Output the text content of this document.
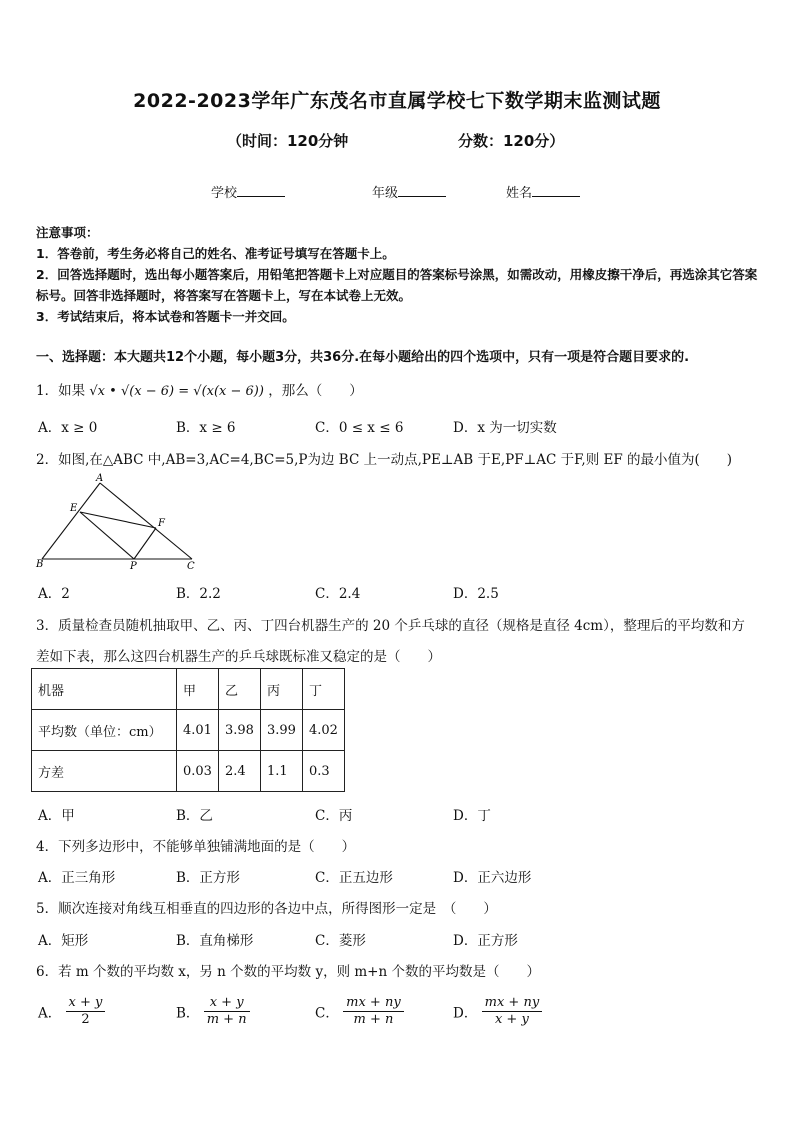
2022-2023学年广东茂名市直属学校七下数学期末监测试题
（时间：120分钟	分数：120分）
学校	年级	姓名
注意事项：
1．答卷前，考生务必将自己的姓名、准考证号填写在答题卡上。
2．回答选择题时，选出每小题答案后，用铅笔把答题卡上对应题目的答案标号涂黑，如需改动，用橡皮擦干净后，再选涂其它答案标号。回答非选择题时，将答案写在答题卡上，写在本试卷上无效。
3．考试结束后，将本试卷和答题卡一并交回。
一、选择题：本大题共12个小题，每小题3分，共36分.在每小题给出的四个选项中，只有一项是符合题目要求的.
1．如果 √x • √(x − 6) = √(x(x − 6)) ，那么（　　）
A．x ≥ 0	B．x ≥ 6	C．0 ≤ x ≤ 6	D．x 为一切实数
2．如图,在△ABC 中,AB=3,AC=4,BC=5,P为边 BC 上一动点,PE⊥AB 于E,PF⊥AC 于F,则 EF 的最小值为(　　)
A
E
F
B	P	C
A．2	B．2.2	C．2.4	D．2.5
3．质量检查员随机抽取甲、乙、丙、丁四台机器生产的 20 个乒乓球的直径（规格是直径 4cm），整理后的平均数和方
差如下表，那么这四台机器生产的乒乓球既标准又稳定的是（　　）
机器	甲	乙	丙	丁
平均数（单位：cm）	4.01	3.98	3.99	4.02
方差	0.03	2.4	1.1	0.3
A．甲	B．乙	C．丙	D．丁
4．下列多边形中，不能够单独铺满地面的是（　　）
A．正三角形	B．正方形	C．正五边形	D．正六边形
5．顺次连接对角线互相垂直的四边形的各边中点，所得图形一定是　（　　）
A．矩形	B．直角梯形	C．菱形	D．正方形
6．若 m 个数的平均数 x，另 n 个数的平均数 y，则 m+n 个数的平均数是（　　）
A． $\frac{x + y}{2}$	B． $\frac{x + y}{m + n}$	C． $\frac{mx + ny}{m + n}$	D． $\frac{mx + ny}{x + y}$
